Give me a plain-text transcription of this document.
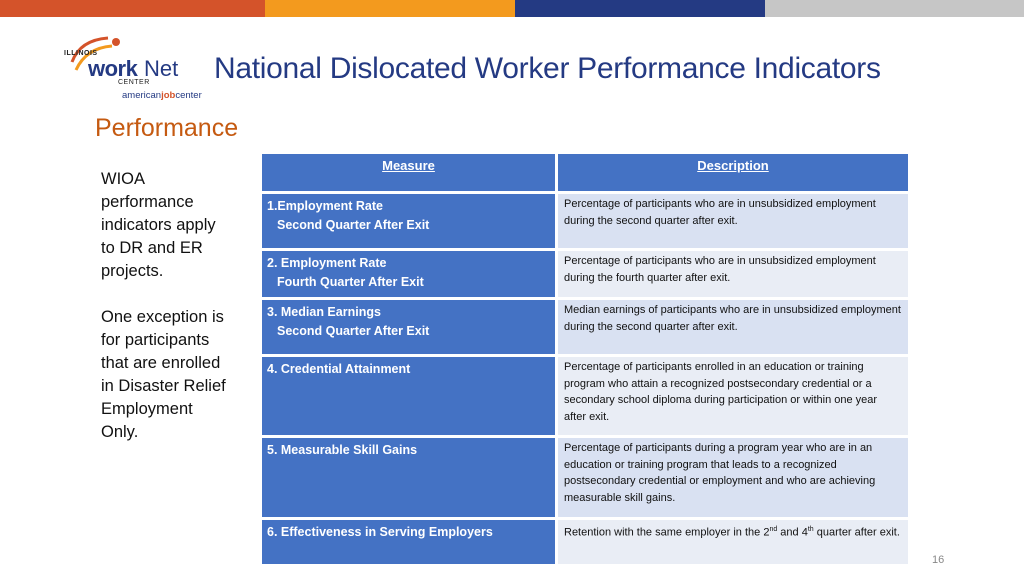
ILLINOIS
work Net
CENTER
americanjobcenter
National Dislocated Worker Performance Indicators
Performance

WIOA performance indicators apply to DR and ER projects.

One exception is for participants that are enrolled in Disaster Relief Employment Only.

Measure	Description
1.Employment Rate
Second Quarter After Exit	Percentage of participants who are in unsubsidized employment during the second quarter after exit.
2. Employment Rate
Fourth Quarter After Exit	Percentage of participants who are in unsubsidized employment during the fourth quarter after exit.
3. Median Earnings
Second Quarter After Exit	Median earnings of participants who are in unsubsidized employment during the second quarter after exit.
4. Credential Attainment	Percentage of participants enrolled in an education or training program who attain a recognized postsecondary credential or a secondary school diploma during participation or within one year after exit.
5. Measurable Skill Gains	Percentage of participants during a program year who are in an education or training program that leads to a recognized postsecondary credential or employment and who are achieving measurable skill gains.
6. Effectiveness in Serving Employers	Retention with the same employer in the 2nd and 4th quarter after exit.
16
